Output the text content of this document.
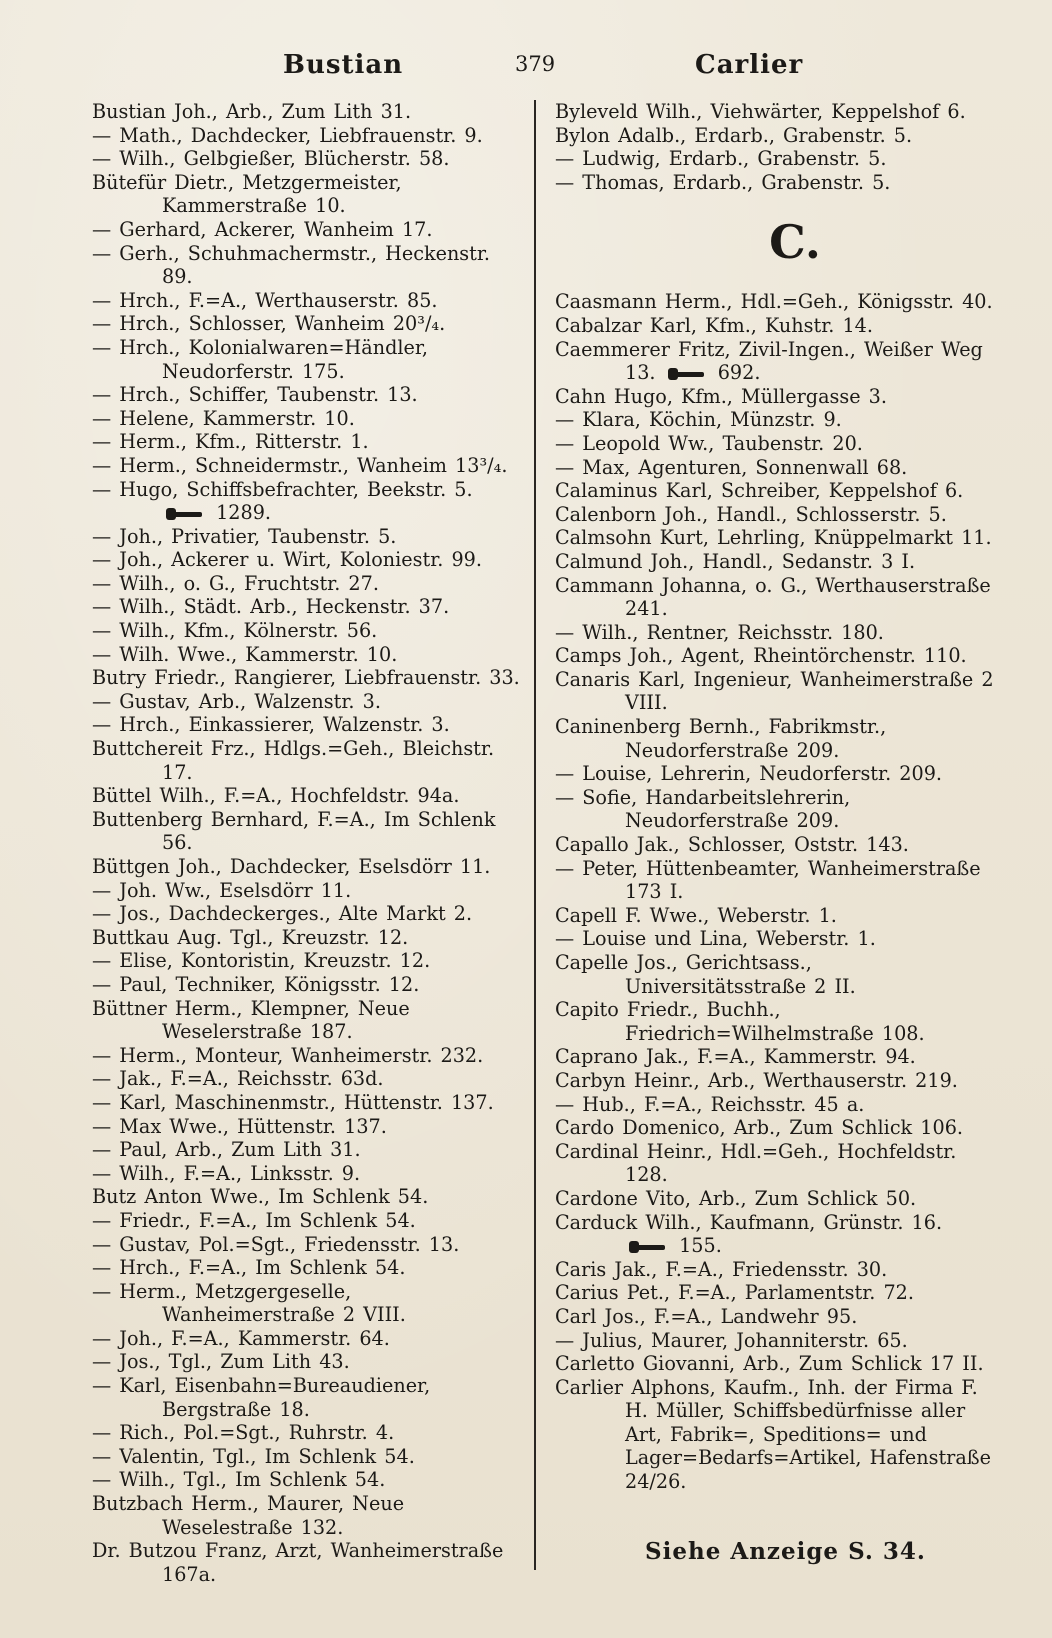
Bustian	379	Carlier
Bustian Joh., Arb., Zum Lith 31.
— Math., Dachdecker, Liebfrauenstr. 9.
— Wilh., Gelbgießer, Blücherstr. 58.
Bütefür Dietr., Metzgermeister, Kammerstraße 10.
— Gerhard, Ackerer, Wanheim 17.
— Gerh., Schuhmachermstr., Heckenstr. 89.
— Hrch., F.=A., Werthauserstr. 85.
— Hrch., Schlosser, Wanheim 20³/₄.
— Hrch., Kolonialwaren=Händler, Neudorferstr. 175.
— Hrch., Schiffer, Taubenstr. 13.
— Helene, Kammerstr. 10.
— Herm., Kfm., Ritterstr. 1.
— Herm., Schneidermstr., Wanheim 13³/₄.
— Hugo, Schiffsbefrachter, Beekstr. 5.  1289.
— Joh., Privatier, Taubenstr. 5.
— Joh., Ackerer u. Wirt, Koloniestr. 99.
— Wilh., o. G., Fruchtstr. 27.
— Wilh., Städt. Arb., Heckenstr. 37.
— Wilh., Kfm., Kölnerstr. 56.
— Wilh. Wwe., Kammerstr. 10.
Butry Friedr., Rangierer, Liebfrauenstr. 33.
— Gustav, Arb., Walzenstr. 3.
— Hrch., Einkassierer, Walzenstr. 3.
Buttchereit Frz., Hdlgs.=Geh., Bleichstr. 17.
Büttel Wilh., F.=A., Hochfeldstr. 94a.
Buttenberg Bernhard, F.=A., Im Schlenk 56.
Büttgen Joh., Dachdecker, Eselsdörr 11.
— Joh. Ww., Eselsdörr 11.
— Jos., Dachdeckerges., Alte Markt 2.
Buttkau Aug. Tgl., Kreuzstr. 12.
— Elise, Kontoristin, Kreuzstr. 12.
— Paul, Techniker, Königsstr. 12.
Büttner Herm., Klempner, Neue Weselerstraße 187.
— Herm., Monteur, Wanheimerstr. 232.
— Jak., F.=A., Reichsstr. 63d.
— Karl, Maschinenmstr., Hüttenstr. 137.
— Max Wwe., Hüttenstr. 137.
— Paul, Arb., Zum Lith 31.
— Wilh., F.=A., Linksstr. 9.
Butz Anton Wwe., Im Schlenk 54.
— Friedr., F.=A., Im Schlenk 54.
— Gustav, Pol.=Sgt., Friedensstr. 13.
— Hrch., F.=A., Im Schlenk 54.
— Herm., Metzgergeselle, Wanheimerstraße 2 VIII.
— Joh., F.=A., Kammerstr. 64.
— Jos., Tgl., Zum Lith 43.
— Karl, Eisenbahn=Bureaudiener, Bergstraße 18.
— Rich., Pol.=Sgt., Ruhrstr. 4.
— Valentin, Tgl., Im Schlenk 54.
— Wilh., Tgl., Im Schlenk 54.
Butzbach Herm., Maurer, Neue Weselestraße 132.
Dr. Butzou Franz, Arzt, Wanheimerstraße 167a.
Byleveld Wilh., Viehwärter, Keppelshof 6.
Bylon Adalb., Erdarb., Grabenstr. 5.
— Ludwig, Erdarb., Grabenstr. 5.
— Thomas, Erdarb., Grabenstr. 5.
C.
Caasmann Herm., Hdl.=Geh., Königsstr. 40.
Cabalzar Karl, Kfm., Kuhstr. 14.
Caemmerer Fritz, Zivil-Ingen., Weißer Weg 13.  692.
Cahn Hugo, Kfm., Müllergasse 3.
— Klara, Köchin, Münzstr. 9.
— Leopold Ww., Taubenstr. 20.
— Max, Agenturen, Sonnenwall 68.
Calaminus Karl, Schreiber, Keppelshof 6.
Calenborn Joh., Handl., Schlosserstr. 5.
Calmsohn Kurt, Lehrling, Knüppelmarkt 11.
Calmund Joh., Handl., Sedanstr. 3 I.
Cammann Johanna, o. G., Werthauserstraße 241.
— Wilh., Rentner, Reichsstr. 180.
Camps Joh., Agent, Rheintörchenstr. 110.
Canaris Karl, Ingenieur, Wanheimerstraße 2 VIII.
Caninenberg Bernh., Fabrikmstr., Neudorferstraße 209.
— Louise, Lehrerin, Neudorferstr. 209.
— Sofie, Handarbeitslehrerin, Neudorferstraße 209.
Capallo Jak., Schlosser, Oststr. 143.
— Peter, Hüttenbeamter, Wanheimerstraße 173 I.
Capell F. Wwe., Weberstr. 1.
— Louise und Lina, Weberstr. 1.
Capelle Jos., Gerichtsass., Universitätsstraße 2 II.
Capito Friedr., Buchh., Friedrich=Wilhelmstraße 108.
Caprano Jak., F.=A., Kammerstr. 94.
Carbyn Heinr., Arb., Werthauserstr. 219.
— Hub., F.=A., Reichsstr. 45 a.
Cardo Domenico, Arb., Zum Schlick 106.
Cardinal Heinr., Hdl.=Geh., Hochfeldstr. 128.
Cardone Vito, Arb., Zum Schlick 50.
Carduck Wilh., Kaufmann, Grünstr. 16.  155.
Caris Jak., F.=A., Friedensstr. 30.
Carius Pet., F.=A., Parlamentstr. 72.
Carl Jos., F.=A., Landwehr 95.
— Julius, Maurer, Johanniterstr. 65.
Carletto Giovanni, Arb., Zum Schlick 17 II.
Carlier Alphons, Kaufm., Inh. der Firma F. H. Müller, Schiffsbedürfnisse aller Art, Fabrik=, Speditions= und Lager=Bedarfs=Artikel, Hafenstraße 24/26.
Siehe Anzeige S. 34.
